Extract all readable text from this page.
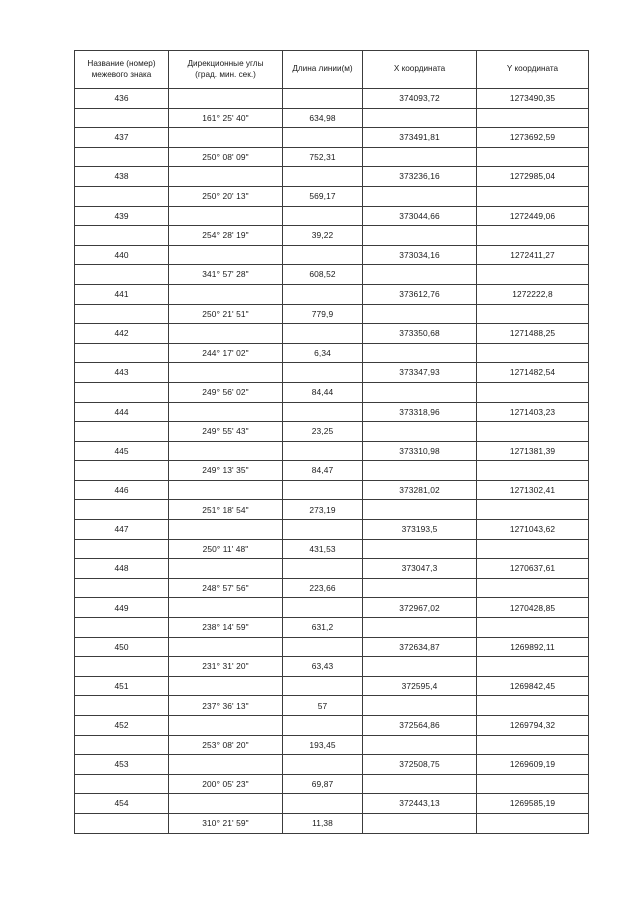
Название (номер)
межевого знака	Дирекционные углы
(град. мин. сек.)	Длина линии(м)	X координата	Y координата
436			374093,72	1273490,35
	161° 25' 40"	634,98		
437			373491,81	1273692,59
	250° 08' 09"	752,31		
438			373236,16	1272985,04
	250° 20' 13"	569,17		
439			373044,66	1272449,06
	254° 28' 19"	39,22		
440			373034,16	1272411,27
	341° 57' 28"	608,52		
441			373612,76	1272222,8
	250° 21' 51"	779,9		
442			373350,68	1271488,25
	244° 17' 02"	6,34		
443			373347,93	1271482,54
	249° 56' 02"	84,44		
444			373318,96	1271403,23
	249° 55' 43"	23,25		
445			373310,98	1271381,39
	249° 13' 35"	84,47		
446			373281,02	1271302,41
	251° 18' 54"	273,19		
447			373193,5	1271043,62
	250° 11' 48"	431,53		
448			373047,3	1270637,61
	248° 57' 56"	223,66		
449			372967,02	1270428,85
	238° 14' 59"	631,2		
450			372634,87	1269892,11
	231° 31' 20"	63,43		
451			372595,4	1269842,45
	237° 36' 13"	57		
452			372564,86	1269794,32
	253° 08' 20"	193,45		
453			372508,75	1269609,19
	200° 05' 23"	69,87		
454			372443,13	1269585,19
	310° 21' 59"	11,38		
